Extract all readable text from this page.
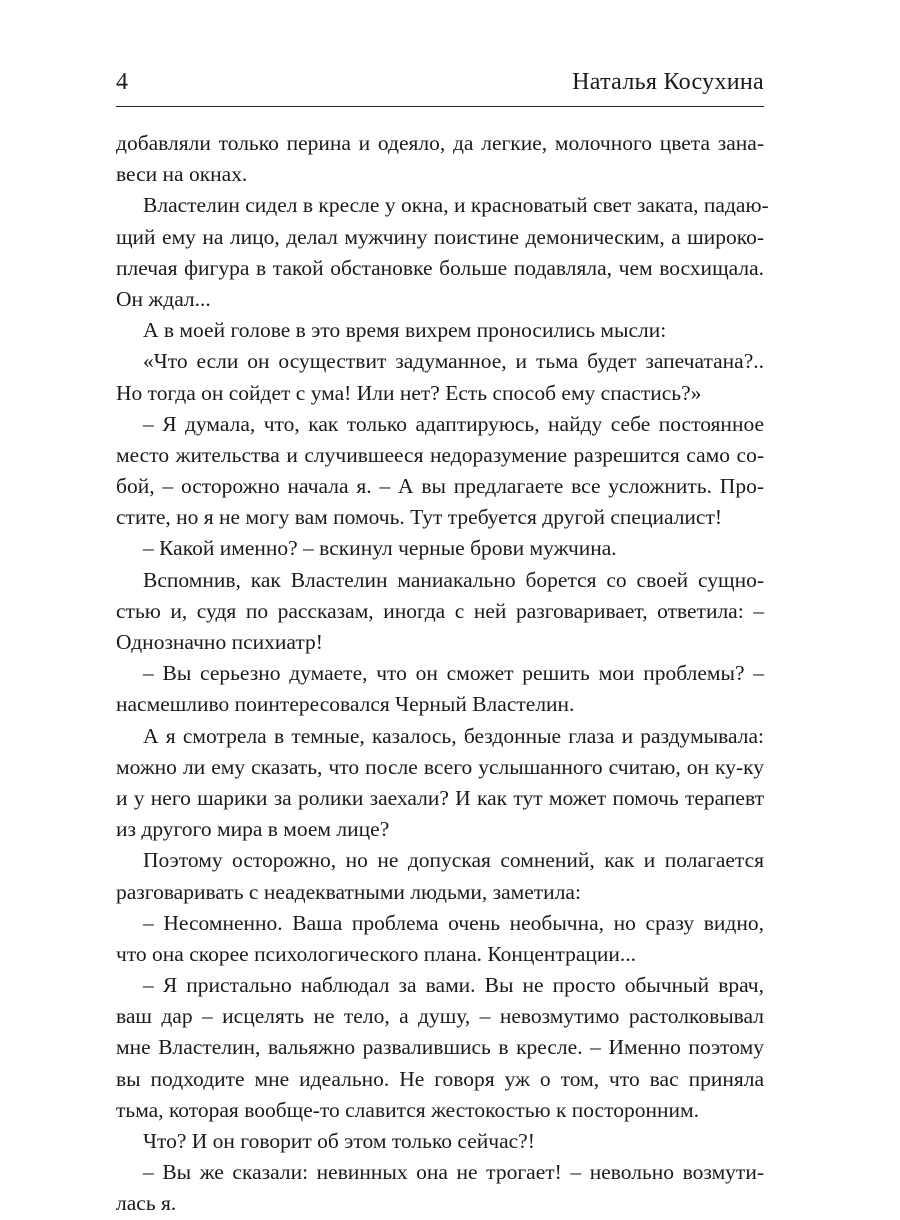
4	Наталья Косухина
добавляли только перина и одеяло, да легкие, молочного цвета зана-
веси на окнах.
Властелин сидел в кресле у окна, и красноватый свет заката, падаю-
щий ему на лицо, делал мужчину поистине демоническим, а широко-
плечая фигура в такой обстановке больше подавляла, чем восхищала.
Он ждал...
А в моей голове в это время вихрем проносились мысли:
«Что если он осуществит задуманное, и тьма будет запечатана?..
Но тогда он сойдет с ума! Или нет? Есть способ ему спастись?»
– Я думала, что, как только адаптируюсь, найду себе постоянное
место жительства и случившееся недоразумение разрешится само со-
бой, – осторожно начала я. – А вы предлагаете все усложнить. Про-
стите, но я не могу вам помочь. Тут требуется другой специалист!
– Какой именно? – вскинул черные брови мужчина.
Вспомнив, как Властелин маниакально борется со своей сущно-
стью и, судя по рассказам, иногда с ней разговаривает, ответила: –
Однозначно психиатр!
– Вы серьезно думаете, что он сможет решить мои проблемы? –
насмешливо поинтересовался Черный Властелин.
А я смотрела в темные, казалось, бездонные глаза и раздумывала:
можно ли ему сказать, что после всего услышанного считаю, он ку-ку
и у него шарики за ролики заехали? И как тут может помочь терапевт
из другого мира в моем лице?
Поэтому осторожно, но не допуская сомнений, как и полагается
разговаривать с неадекватными людьми, заметила:
– Несомненно. Ваша проблема очень необычна, но сразу видно,
что она скорее психологического плана. Концентрации...
– Я пристально наблюдал за вами. Вы не просто обычный врач,
ваш дар – исцелять не тело, а душу, – невозмутимо растолковывал
мне Властелин, вальяжно развалившись в кресле. – Именно поэтому
вы подходите мне идеально. Не говоря уж о том, что вас приняла
тьма, которая вообще-то славится жестокостью к посторонним.
Что? И он говорит об этом только сейчас?!
– Вы же сказали: невинных она не трогает! – невольно возмути-
лась я.
